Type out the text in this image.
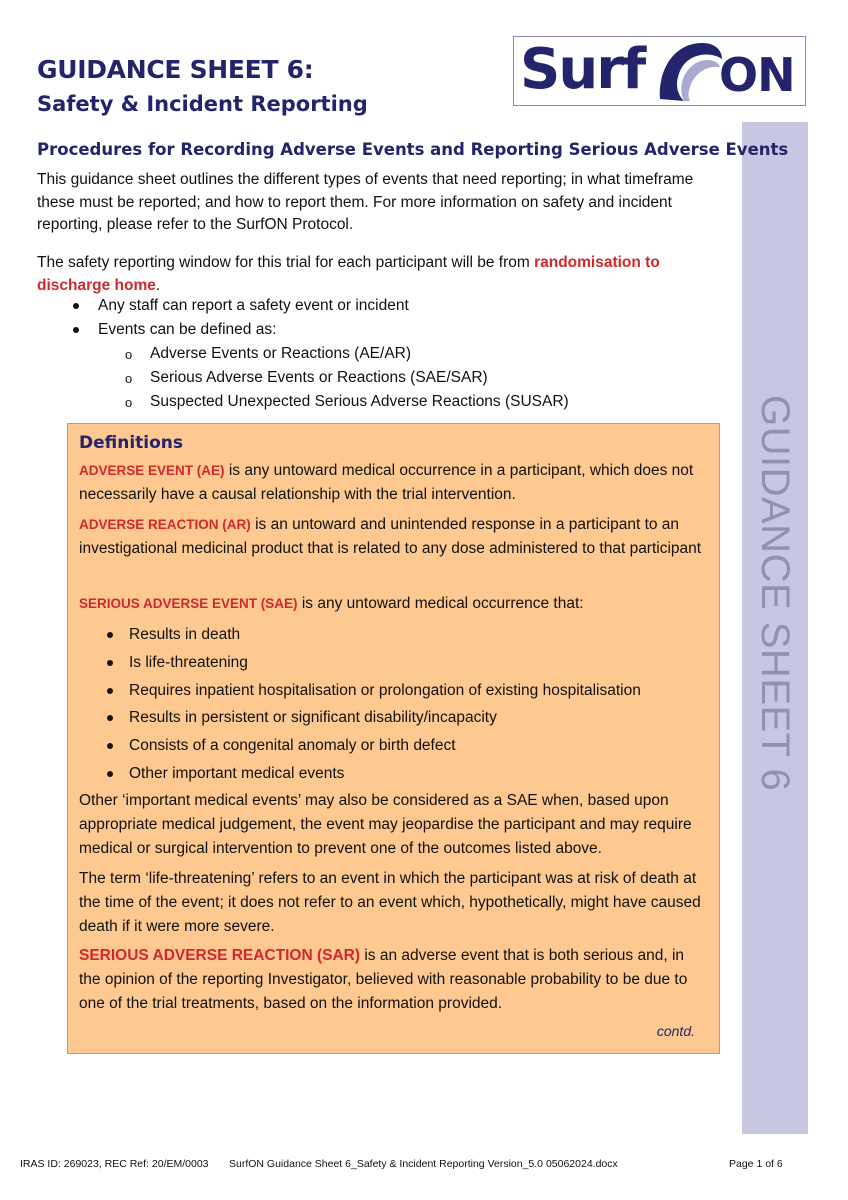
GUIDANCE SHEET 6:
Safety & Incident Reporting
Surf ON
GUIDANCE SHEET 6
Procedures for Recording Adverse Events and Reporting Serious Adverse Events

This guidance sheet outlines the different types of events that need reporting; in what timeframe these must be reported; and how to report them. For more information on safety and incident reporting, please refer to the SurfON Protocol.

The safety reporting window for this trial for each participant will be from randomisation to discharge home.

Any staff can report a safety event or incident
Events can be defined as:
o Adverse Events or Reactions (AE/AR)
o Serious Adverse Events or Reactions (SAE/SAR)
o Suspected Unexpected Serious Adverse Reactions (SUSAR)
Definitions

ADVERSE EVENT (AE) is any untoward medical occurrence in a participant, which does not necessarily have a causal relationship with the trial intervention.

ADVERSE REACTION (AR) is an untoward and unintended response in a participant to an investigational medicinal product that is related to any dose administered to that participant

SERIOUS ADVERSE EVENT (SAE) is any untoward medical occurrence that:

Results in death
Is life-threatening
Requires inpatient hospitalisation or prolongation of existing hospitalisation
Results in persistent or significant disability/incapacity
Consists of a congenital anomaly or birth defect
Other important medical events

Other ‘important medical events’ may also be considered as a SAE when, based upon appropriate medical judgement, the event may jeopardise the participant and may require medical or surgical intervention to prevent one of the outcomes listed above.

The term ‘life-threatening’ refers to an event in which the participant was at risk of death at the time of the event; it does not refer to an event which, hypothetically, might have caused death if it were more severe.

SERIOUS ADVERSE REACTION (SAR) is an adverse event that is both serious and, in the opinion of the reporting Investigator, believed with reasonable probability to be due to one of the trial treatments, based on the information provided.

contd.
IRAS ID: 269023, REC Ref: 20/EM/0003 SurfON Guidance Sheet 6_Safety & Incident Reporting Version_5.0 05062024.docx	Page 1 of 6
